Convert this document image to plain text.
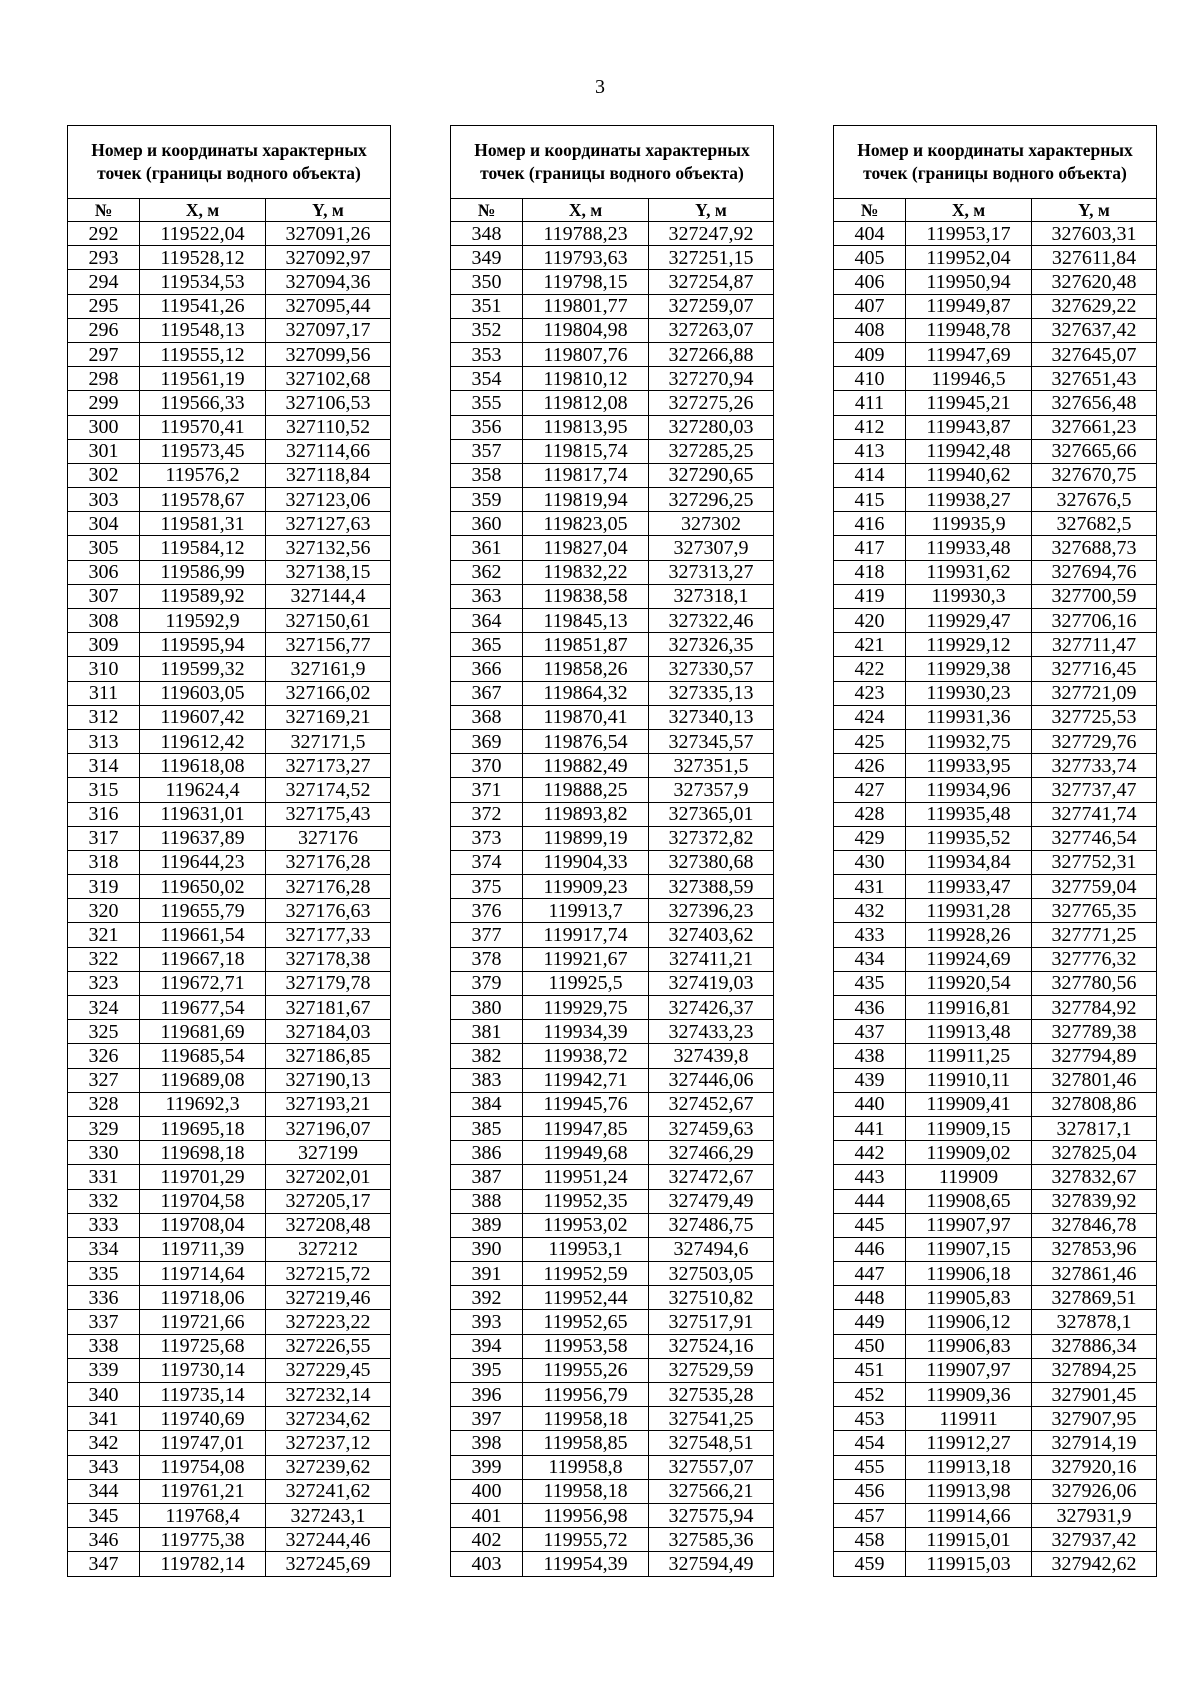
3
Номер и координаты характерных точек (границы водного объекта)		
№	X, м	Y, м
292	119522,04	327091,26
293	119528,12	327092,97
294	119534,53	327094,36
295	119541,26	327095,44
296	119548,13	327097,17
297	119555,12	327099,56
298	119561,19	327102,68
299	119566,33	327106,53
300	119570,41	327110,52
301	119573,45	327114,66
302	119576,2	327118,84
303	119578,67	327123,06
304	119581,31	327127,63
305	119584,12	327132,56
306	119586,99	327138,15
307	119589,92	327144,4
308	119592,9	327150,61
309	119595,94	327156,77
310	119599,32	327161,9
311	119603,05	327166,02
312	119607,42	327169,21
313	119612,42	327171,5
314	119618,08	327173,27
315	119624,4	327174,52
316	119631,01	327175,43
317	119637,89	327176
318	119644,23	327176,28
319	119650,02	327176,28
320	119655,79	327176,63
321	119661,54	327177,33
322	119667,18	327178,38
323	119672,71	327179,78
324	119677,54	327181,67
325	119681,69	327184,03
326	119685,54	327186,85
327	119689,08	327190,13
328	119692,3	327193,21
329	119695,18	327196,07
330	119698,18	327199
331	119701,29	327202,01
332	119704,58	327205,17
333	119708,04	327208,48
334	119711,39	327212
335	119714,64	327215,72
336	119718,06	327219,46
337	119721,66	327223,22
338	119725,68	327226,55
339	119730,14	327229,45
340	119735,14	327232,14
341	119740,69	327234,62
342	119747,01	327237,12
343	119754,08	327239,62
344	119761,21	327241,62
345	119768,4	327243,1
346	119775,38	327244,46
347	119782,14	327245,69
Номер и координаты характерных точек (границы водного объекта)		
№	X, м	Y, м
348	119788,23	327247,92
349	119793,63	327251,15
350	119798,15	327254,87
351	119801,77	327259,07
352	119804,98	327263,07
353	119807,76	327266,88
354	119810,12	327270,94
355	119812,08	327275,26
356	119813,95	327280,03
357	119815,74	327285,25
358	119817,74	327290,65
359	119819,94	327296,25
360	119823,05	327302
361	119827,04	327307,9
362	119832,22	327313,27
363	119838,58	327318,1
364	119845,13	327322,46
365	119851,87	327326,35
366	119858,26	327330,57
367	119864,32	327335,13
368	119870,41	327340,13
369	119876,54	327345,57
370	119882,49	327351,5
371	119888,25	327357,9
372	119893,82	327365,01
373	119899,19	327372,82
374	119904,33	327380,68
375	119909,23	327388,59
376	119913,7	327396,23
377	119917,74	327403,62
378	119921,67	327411,21
379	119925,5	327419,03
380	119929,75	327426,37
381	119934,39	327433,23
382	119938,72	327439,8
383	119942,71	327446,06
384	119945,76	327452,67
385	119947,85	327459,63
386	119949,68	327466,29
387	119951,24	327472,67
388	119952,35	327479,49
389	119953,02	327486,75
390	119953,1	327494,6
391	119952,59	327503,05
392	119952,44	327510,82
393	119952,65	327517,91
394	119953,58	327524,16
395	119955,26	327529,59
396	119956,79	327535,28
397	119958,18	327541,25
398	119958,85	327548,51
399	119958,8	327557,07
400	119958,18	327566,21
401	119956,98	327575,94
402	119955,72	327585,36
403	119954,39	327594,49
Номер и координаты характерных точек (границы водного объекта)		
№	X, м	Y, м
404	119953,17	327603,31
405	119952,04	327611,84
406	119950,94	327620,48
407	119949,87	327629,22
408	119948,78	327637,42
409	119947,69	327645,07
410	119946,5	327651,43
411	119945,21	327656,48
412	119943,87	327661,23
413	119942,48	327665,66
414	119940,62	327670,75
415	119938,27	327676,5
416	119935,9	327682,5
417	119933,48	327688,73
418	119931,62	327694,76
419	119930,3	327700,59
420	119929,47	327706,16
421	119929,12	327711,47
422	119929,38	327716,45
423	119930,23	327721,09
424	119931,36	327725,53
425	119932,75	327729,76
426	119933,95	327733,74
427	119934,96	327737,47
428	119935,48	327741,74
429	119935,52	327746,54
430	119934,84	327752,31
431	119933,47	327759,04
432	119931,28	327765,35
433	119928,26	327771,25
434	119924,69	327776,32
435	119920,54	327780,56
436	119916,81	327784,92
437	119913,48	327789,38
438	119911,25	327794,89
439	119910,11	327801,46
440	119909,41	327808,86
441	119909,15	327817,1
442	119909,02	327825,04
443	119909	327832,67
444	119908,65	327839,92
445	119907,97	327846,78
446	119907,15	327853,96
447	119906,18	327861,46
448	119905,83	327869,51
449	119906,12	327878,1
450	119906,83	327886,34
451	119907,97	327894,25
452	119909,36	327901,45
453	119911	327907,95
454	119912,27	327914,19
455	119913,18	327920,16
456	119913,98	327926,06
457	119914,66	327931,9
458	119915,01	327937,42
459	119915,03	327942,62
